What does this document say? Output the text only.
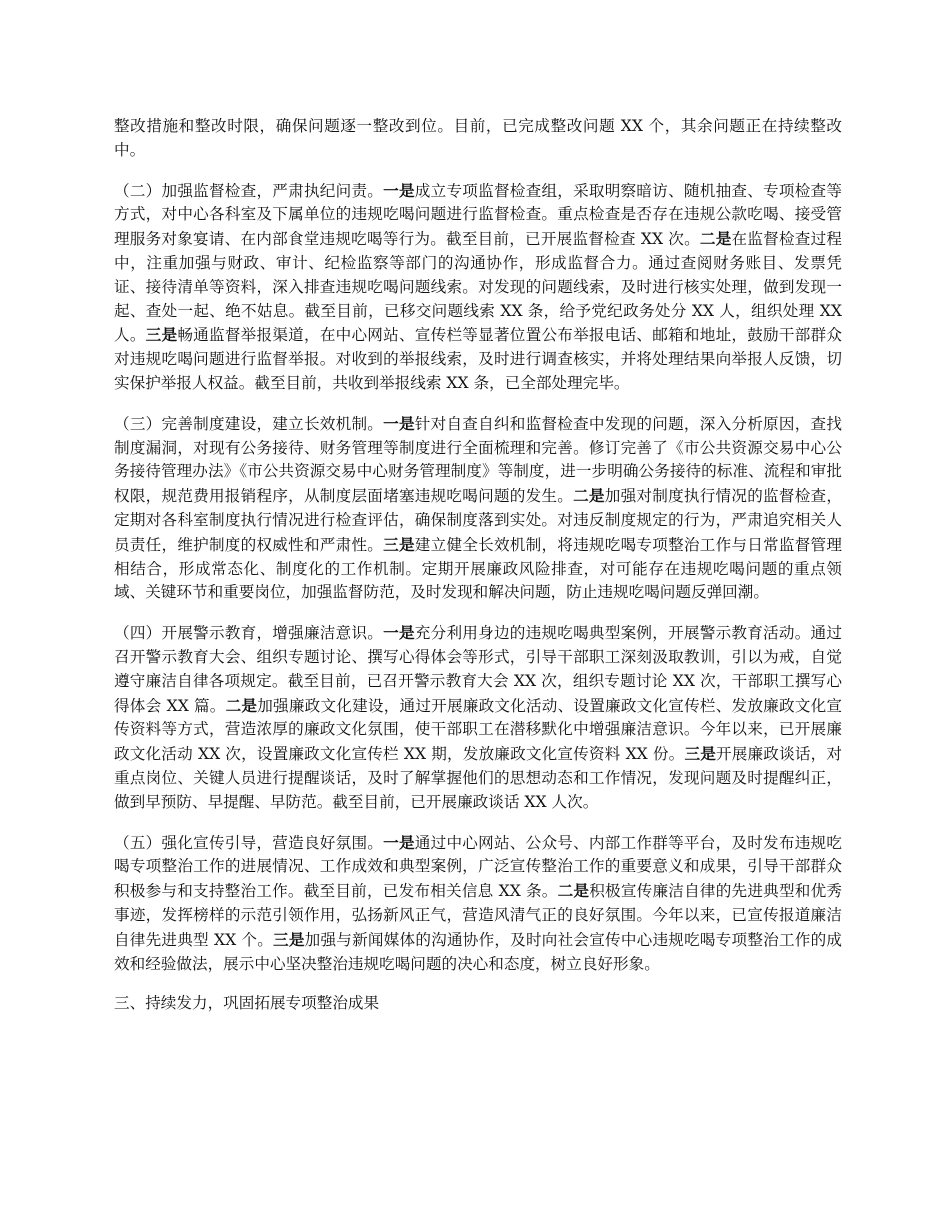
整改措施和整改时限，确保问题逐一整改到位。目前，已完成整改问题 XX 个，其余问题正在持续整改中。

（二）加强监督检查，严肃执纪问责。一是成立专项监督检查组，采取明察暗访、随机抽查、专项检查等方式，对中心各科室及下属单位的违规吃喝问题进行监督检查。重点检查是否存在违规公款吃喝、接受管理服务对象宴请、在内部食堂违规吃喝等行为。截至目前，已开展监督检查 XX 次。二是在监督检查过程中，注重加强与财政、审计、纪检监察等部门的沟通协作，形成监督合力。通过查阅财务账目、发票凭证、接待清单等资料，深入排查违规吃喝问题线索。对发现的问题线索，及时进行核实处理，做到发现一起、查处一起、绝不姑息。截至目前，已移交问题线索 XX 条，给予党纪政务处分 XX 人，组织处理 XX 人。三是畅通监督举报渠道，在中心网站、宣传栏等显著位置公布举报电话、邮箱和地址，鼓励干部群众对违规吃喝问题进行监督举报。对收到的举报线索，及时进行调查核实，并将处理结果向举报人反馈，切实保护举报人权益。截至目前，共收到举报线索 XX 条，已全部处理完毕。

（三）完善制度建设，建立长效机制。一是针对自查自纠和监督检查中发现的问题，深入分析原因，查找制度漏洞，对现有公务接待、财务管理等制度进行全面梳理和完善。修订完善了《市公共资源交易中心公务接待管理办法》《市公共资源交易中心财务管理制度》等制度，进一步明确公务接待的标准、流程和审批权限，规范费用报销程序，从制度层面堵塞违规吃喝问题的发生。二是加强对制度执行情况的监督检查，定期对各科室制度执行情况进行检查评估，确保制度落到实处。对违反制度规定的行为，严肃追究相关人员责任，维护制度的权威性和严肃性。三是建立健全长效机制，将违规吃喝专项整治工作与日常监督管理相结合，形成常态化、制度化的工作机制。定期开展廉政风险排查，对可能存在违规吃喝问题的重点领域、关键环节和重要岗位，加强监督防范，及时发现和解决问题，防止违规吃喝问题反弹回潮。

（四）开展警示教育，增强廉洁意识。一是充分利用身边的违规吃喝典型案例，开展警示教育活动。通过召开警示教育大会、组织专题讨论、撰写心得体会等形式，引导干部职工深刻汲取教训，引以为戒，自觉遵守廉洁自律各项规定。截至目前，已召开警示教育大会 XX 次，组织专题讨论 XX 次，干部职工撰写心得体会 XX 篇。二是加强廉政文化建设，通过开展廉政文化活动、设置廉政文化宣传栏、发放廉政文化宣传资料等方式，营造浓厚的廉政文化氛围，使干部职工在潜移默化中增强廉洁意识。今年以来，已开展廉政文化活动 XX 次，设置廉政文化宣传栏 XX 期，发放廉政文化宣传资料 XX 份。三是开展廉政谈话，对重点岗位、关键人员进行提醒谈话，及时了解掌握他们的思想动态和工作情况，发现问题及时提醒纠正，做到早预防、早提醒、早防范。截至目前，已开展廉政谈话 XX 人次。

（五）强化宣传引导，营造良好氛围。一是通过中心网站、公众号、内部工作群等平台，及时发布违规吃喝专项整治工作的进展情况、工作成效和典型案例，广泛宣传整治工作的重要意义和成果，引导干部群众积极参与和支持整治工作。截至目前，已发布相关信息 XX 条。二是积极宣传廉洁自律的先进典型和优秀事迹，发挥榜样的示范引领作用，弘扬新风正气，营造风清气正的良好氛围。今年以来，已宣传报道廉洁自律先进典型 XX 个。三是加强与新闻媒体的沟通协作，及时向社会宣传中心违规吃喝专项整治工作的成效和经验做法，展示中心坚决整治违规吃喝问题的决心和态度，树立良好形象。

三、持续发力，巩固拓展专项整治成果
